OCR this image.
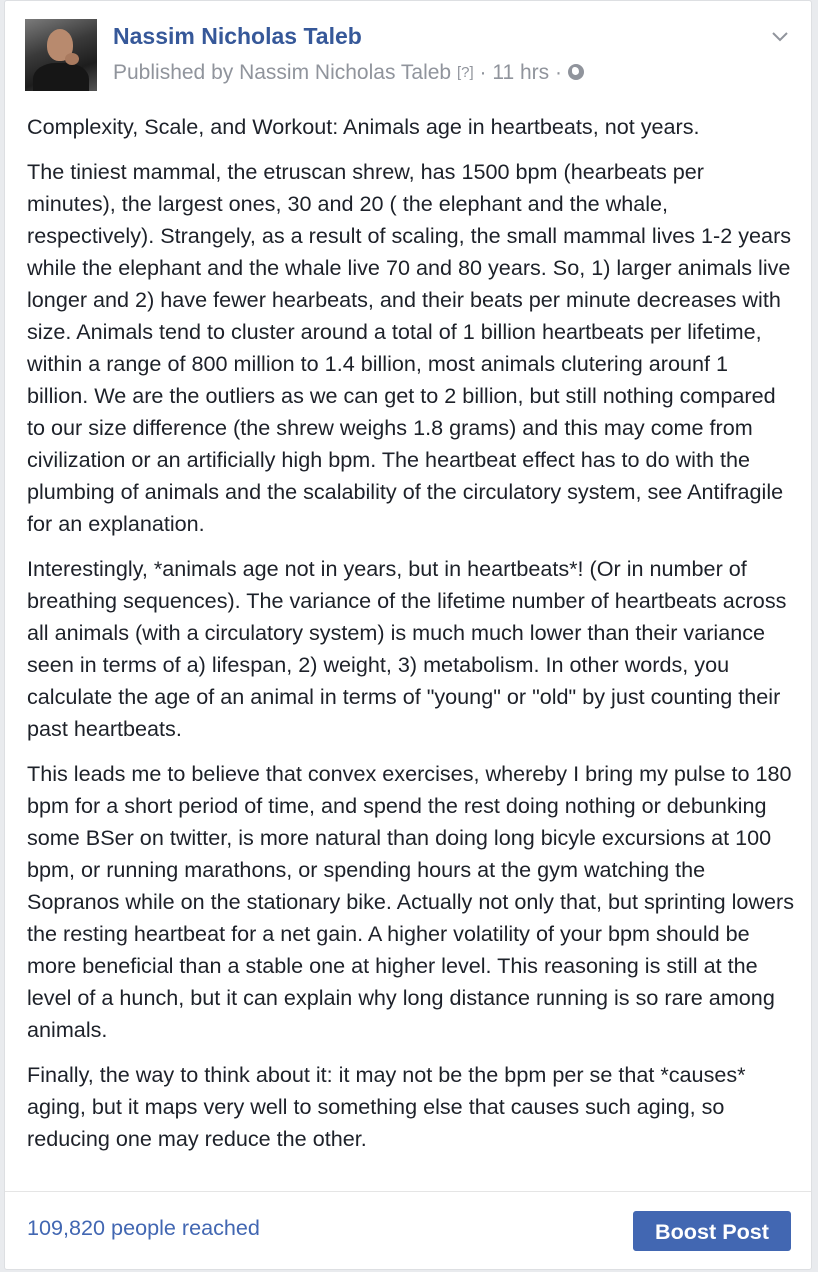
Nassim Nicholas Taleb
Published by Nassim Nicholas Taleb [?] · 11 hrs ·

Complexity, Scale, and Workout: Animals age in heartbeats, not years.

The tiniest mammal, the etruscan shrew, has 1500 bpm (hearbeats per minutes), the largest ones, 30 and 20 ( the elephant and the whale, respectively). Strangely, as a result of scaling, the small mammal lives 1-2 years while the elephant and the whale live 70 and 80 years. So, 1) larger animals live longer and 2) have fewer hearbeats, and their beats per minute decreases with size. Animals tend to cluster around a total of 1 billion heartbeats per lifetime, within a range of 800 million to 1.4 billion, most animals clutering arounf 1 billion. We are the outliers as we can get to 2 billion, but still nothing compared to our size difference (the shrew weighs 1.8 grams) and this may come from civilization or an artificially high bpm. The heartbeat effect has to do with the plumbing of animals and the scalability of the circulatory system, see Antifragile for an explanation.

Interestingly, *animals age not in years, but in heartbeats*! (Or in number of breathing sequences). The variance of the lifetime number of heartbeats across all animals (with a circulatory system) is much much lower than their variance seen in terms of a) lifespan, 2) weight, 3) metabolism. In other words, you calculate the age of an animal in terms of "young" or "old" by just counting their past heartbeats.

This leads me to believe that convex exercises, whereby I bring my pulse to 180 bpm for a short period of time, and spend the rest doing nothing or debunking some BSer on twitter, is more natural than doing long bicyle excursions at 100 bpm, or running marathons, or spending hours at the gym watching the Sopranos while on the stationary bike. Actually not only that, but sprinting lowers the resting heartbeat for a net gain. A higher volatility of your bpm should be more beneficial than a stable one at higher level. This reasoning is still at the level of a hunch, but it can explain why long distance running is so rare among animals.

Finally, the way to think about it: it may not be the bpm per se that *causes* aging, but it maps very well to something else that causes such aging, so reducing one may reduce the other.

109,820 people reached	Boost Post
